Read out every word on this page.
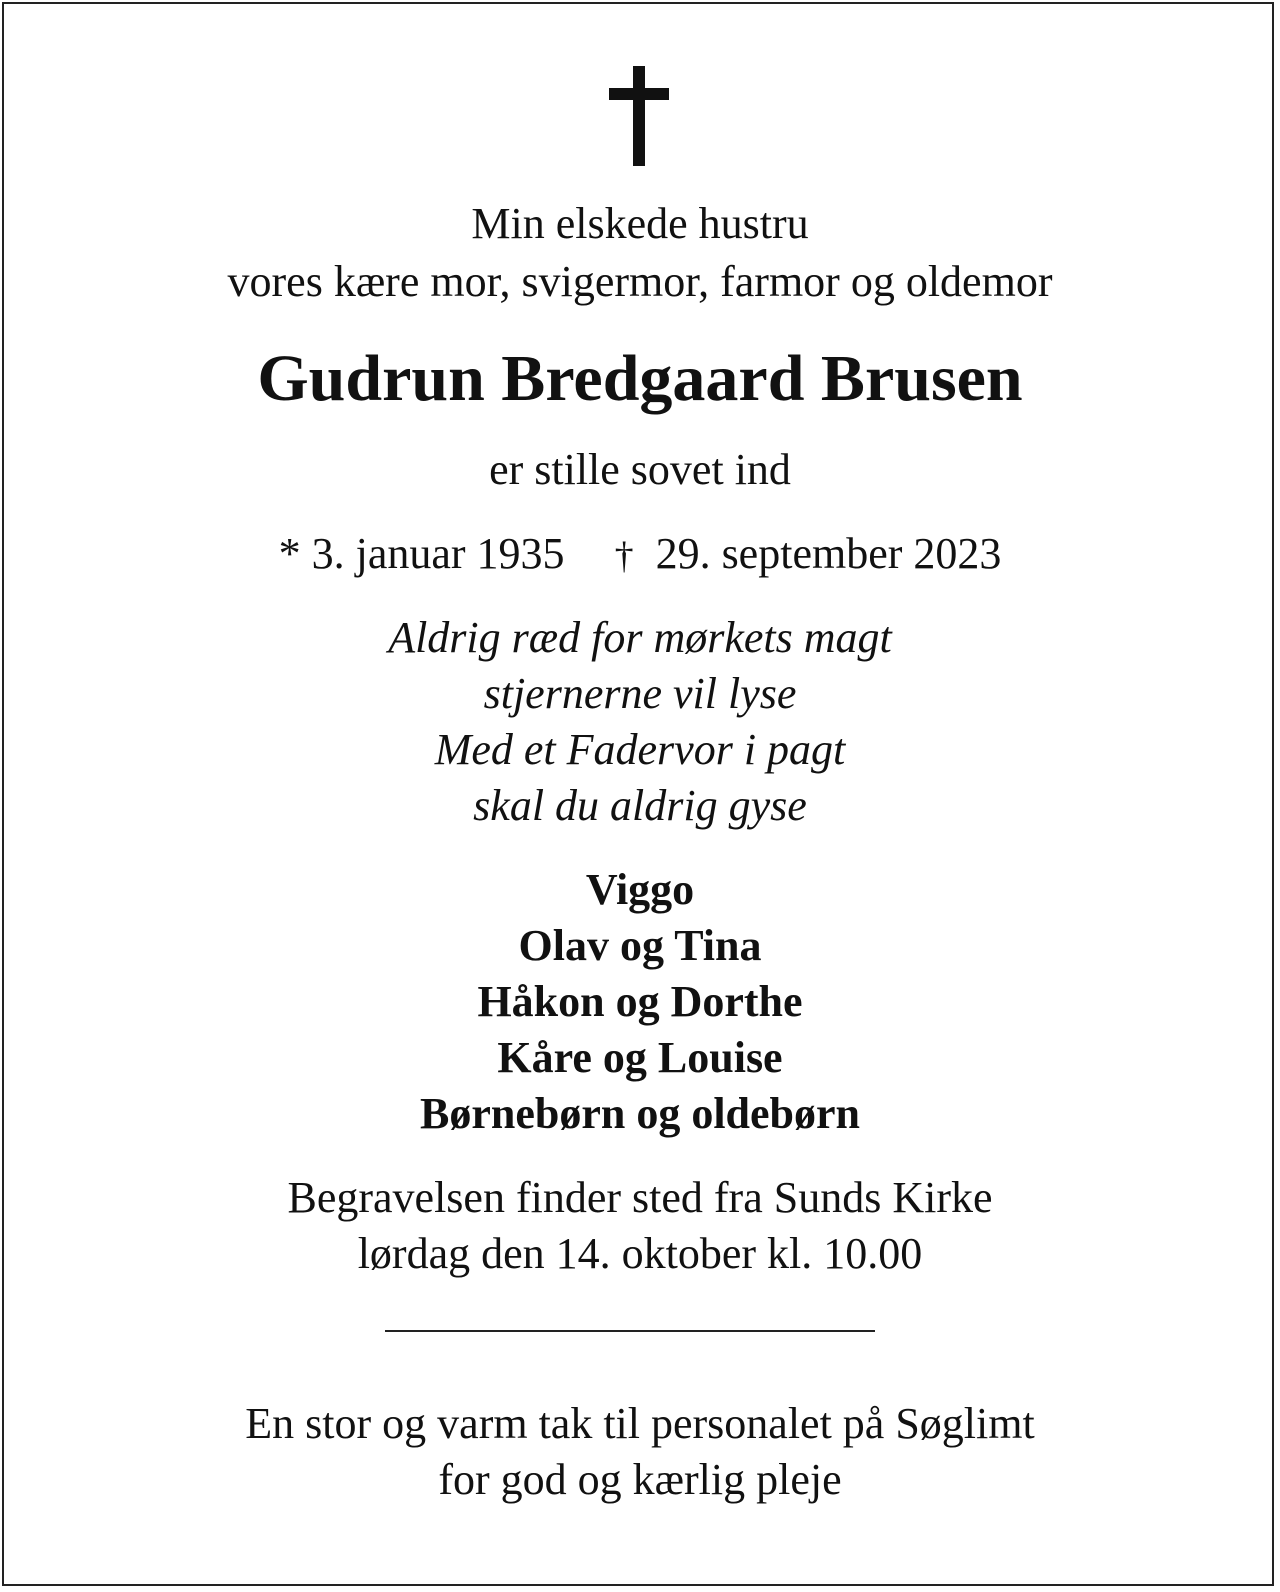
Min elskede hustru
vores kære mor, svigermor, farmor og oldemor
Gudrun Bredgaard Brusen
er stille sovet ind
* 3. januar 1935 † 29. september 2023
Aldrig ræd for mørkets magt
stjernerne vil lyse
Med et Fadervor i pagt
skal du aldrig gyse
Viggo
Olav og Tina
Håkon og Dorthe
Kåre og Louise
Børnebørn og oldebørn
Begravelsen finder sted fra Sunds Kirke
lørdag den 14. oktober kl. 10.00
En stor og varm tak til personalet på Søglimt
for god og kærlig pleje
